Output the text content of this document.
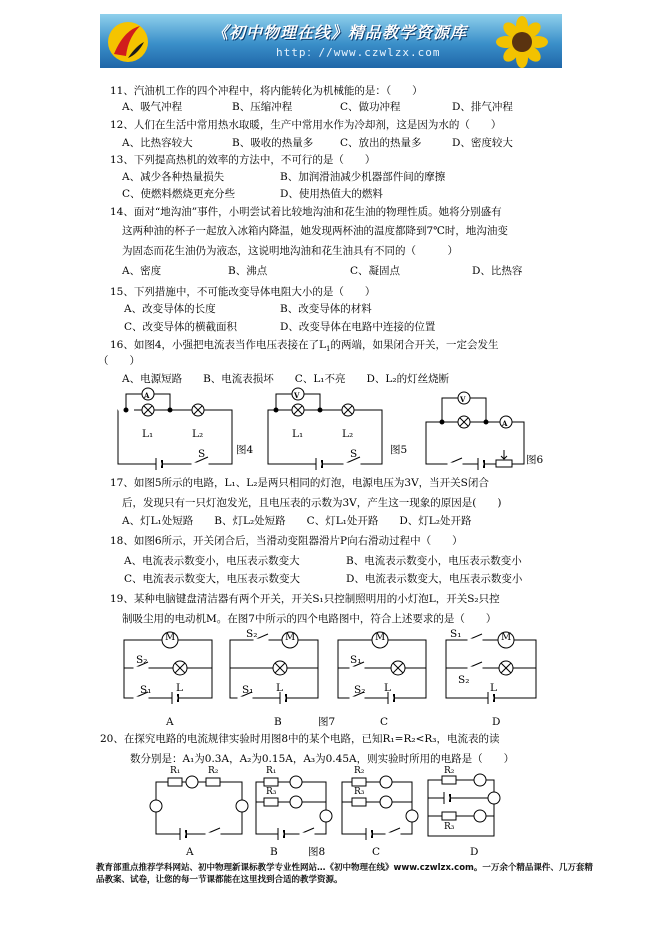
《初中物理在线》精品教学资源库
http：//www.czwlzx.com
11、汽油机工作的四个冲程中，将内能转化为机械能的是：（　　）
A、吸气冲程	B、压缩冲程	C、做功冲程	D、排气冲程
12、人们在生活中常用热水取暖，生产中常用水作为冷却剂，这是因为水的（　　）
A、比热容较大	B、吸收的热量多	C、放出的热量多	D、密度较大
13、下列提高热机的效率的方法中，不可行的是（　　）
A、减少各种热量损失	B、加润滑油减少机器部件间的摩擦
C、使燃料燃烧更充分些	D、使用热值大的燃料
14、面对“地沟油”事件，小明尝试着比较地沟油和花生油的物理性质。她将分别盛有
这两种油的杯子一起放入冰箱内降温，她发现两杯油的温度都降到7℃时，地沟油变
为固态而花生油仍为液态，这说明地沟油和花生油具有不同的（　　　）
A、密度	B、沸点	C、凝固点	D、比热容
15、下列措施中，不可能改变导体电阻大小的是（　　）
A、改变导体的长度	B、改变导体的材料
C、改变导体的横截面积	D、改变导体在电路中连接的位置
16、如图4，小强把电流表当作电压表接在了$L_1$的两端，如果闭合开关，一定会发生
（　　）
A、电源短路　　B、电流表损坏　　C、L₁不亮　　D、L₂的灯丝烧断
A
L₁	L₂
S	图4
V
L₁	L₂
S	图5
V
A
图6
17、如图5所示的电路，L₁、L₂是两只相同的灯泡，电源电压为3V，当开关S闭合
后，发现只有一只灯泡发光，且电压表的示数为3V，产生这一现象的原因是(　　)
A、灯L₁处短路　　B、灯L₂处短路　　C、灯L₁处开路　　D、灯L₂处开路
18、如图6所示，开关闭合后，当滑动变阻器滑片P向右滑动过程中（　　）
A、电流表示数变小，电压表示数变大	B、电流表示数变小，电压表示数变小
C、电流表示数变大，电压表示数变大	D、电流表示数变大，电压表示数变小
19、某种电脑键盘清洁器有两个开关，开关S₁只控制照明用的小灯泡L，开关S₂只控
制吸尘用的电动机M。在图7中所示的四个电路图中，符合上述要求的是（　　）
M
S₂
S₁ L
M
S₂
S₁ L
M
S₁
S₂ L
M
S₁
S₂
L
A	B	图7	C	D
20、在探究电路的电流规律实验时用图8中的某个电路，已知R₁=R₂<R₃，电流表的读
数分别是：A₁为0.3A，A₂为0.15A，A₃为0.45A，则实验时所用的电路是（　　）
R₁	R₂	R₁
R₃
R₂
R₃
R₂
R₃
A	B	图8	C	D
教育部重点推荐学科网站、初中物理新课标教学专业性网站…《初中物理在线》www.czwlzx.com。一万余个精品课件、几万套精品教案、试卷，让您的每一节课都能在这里找到合适的教学资源。
